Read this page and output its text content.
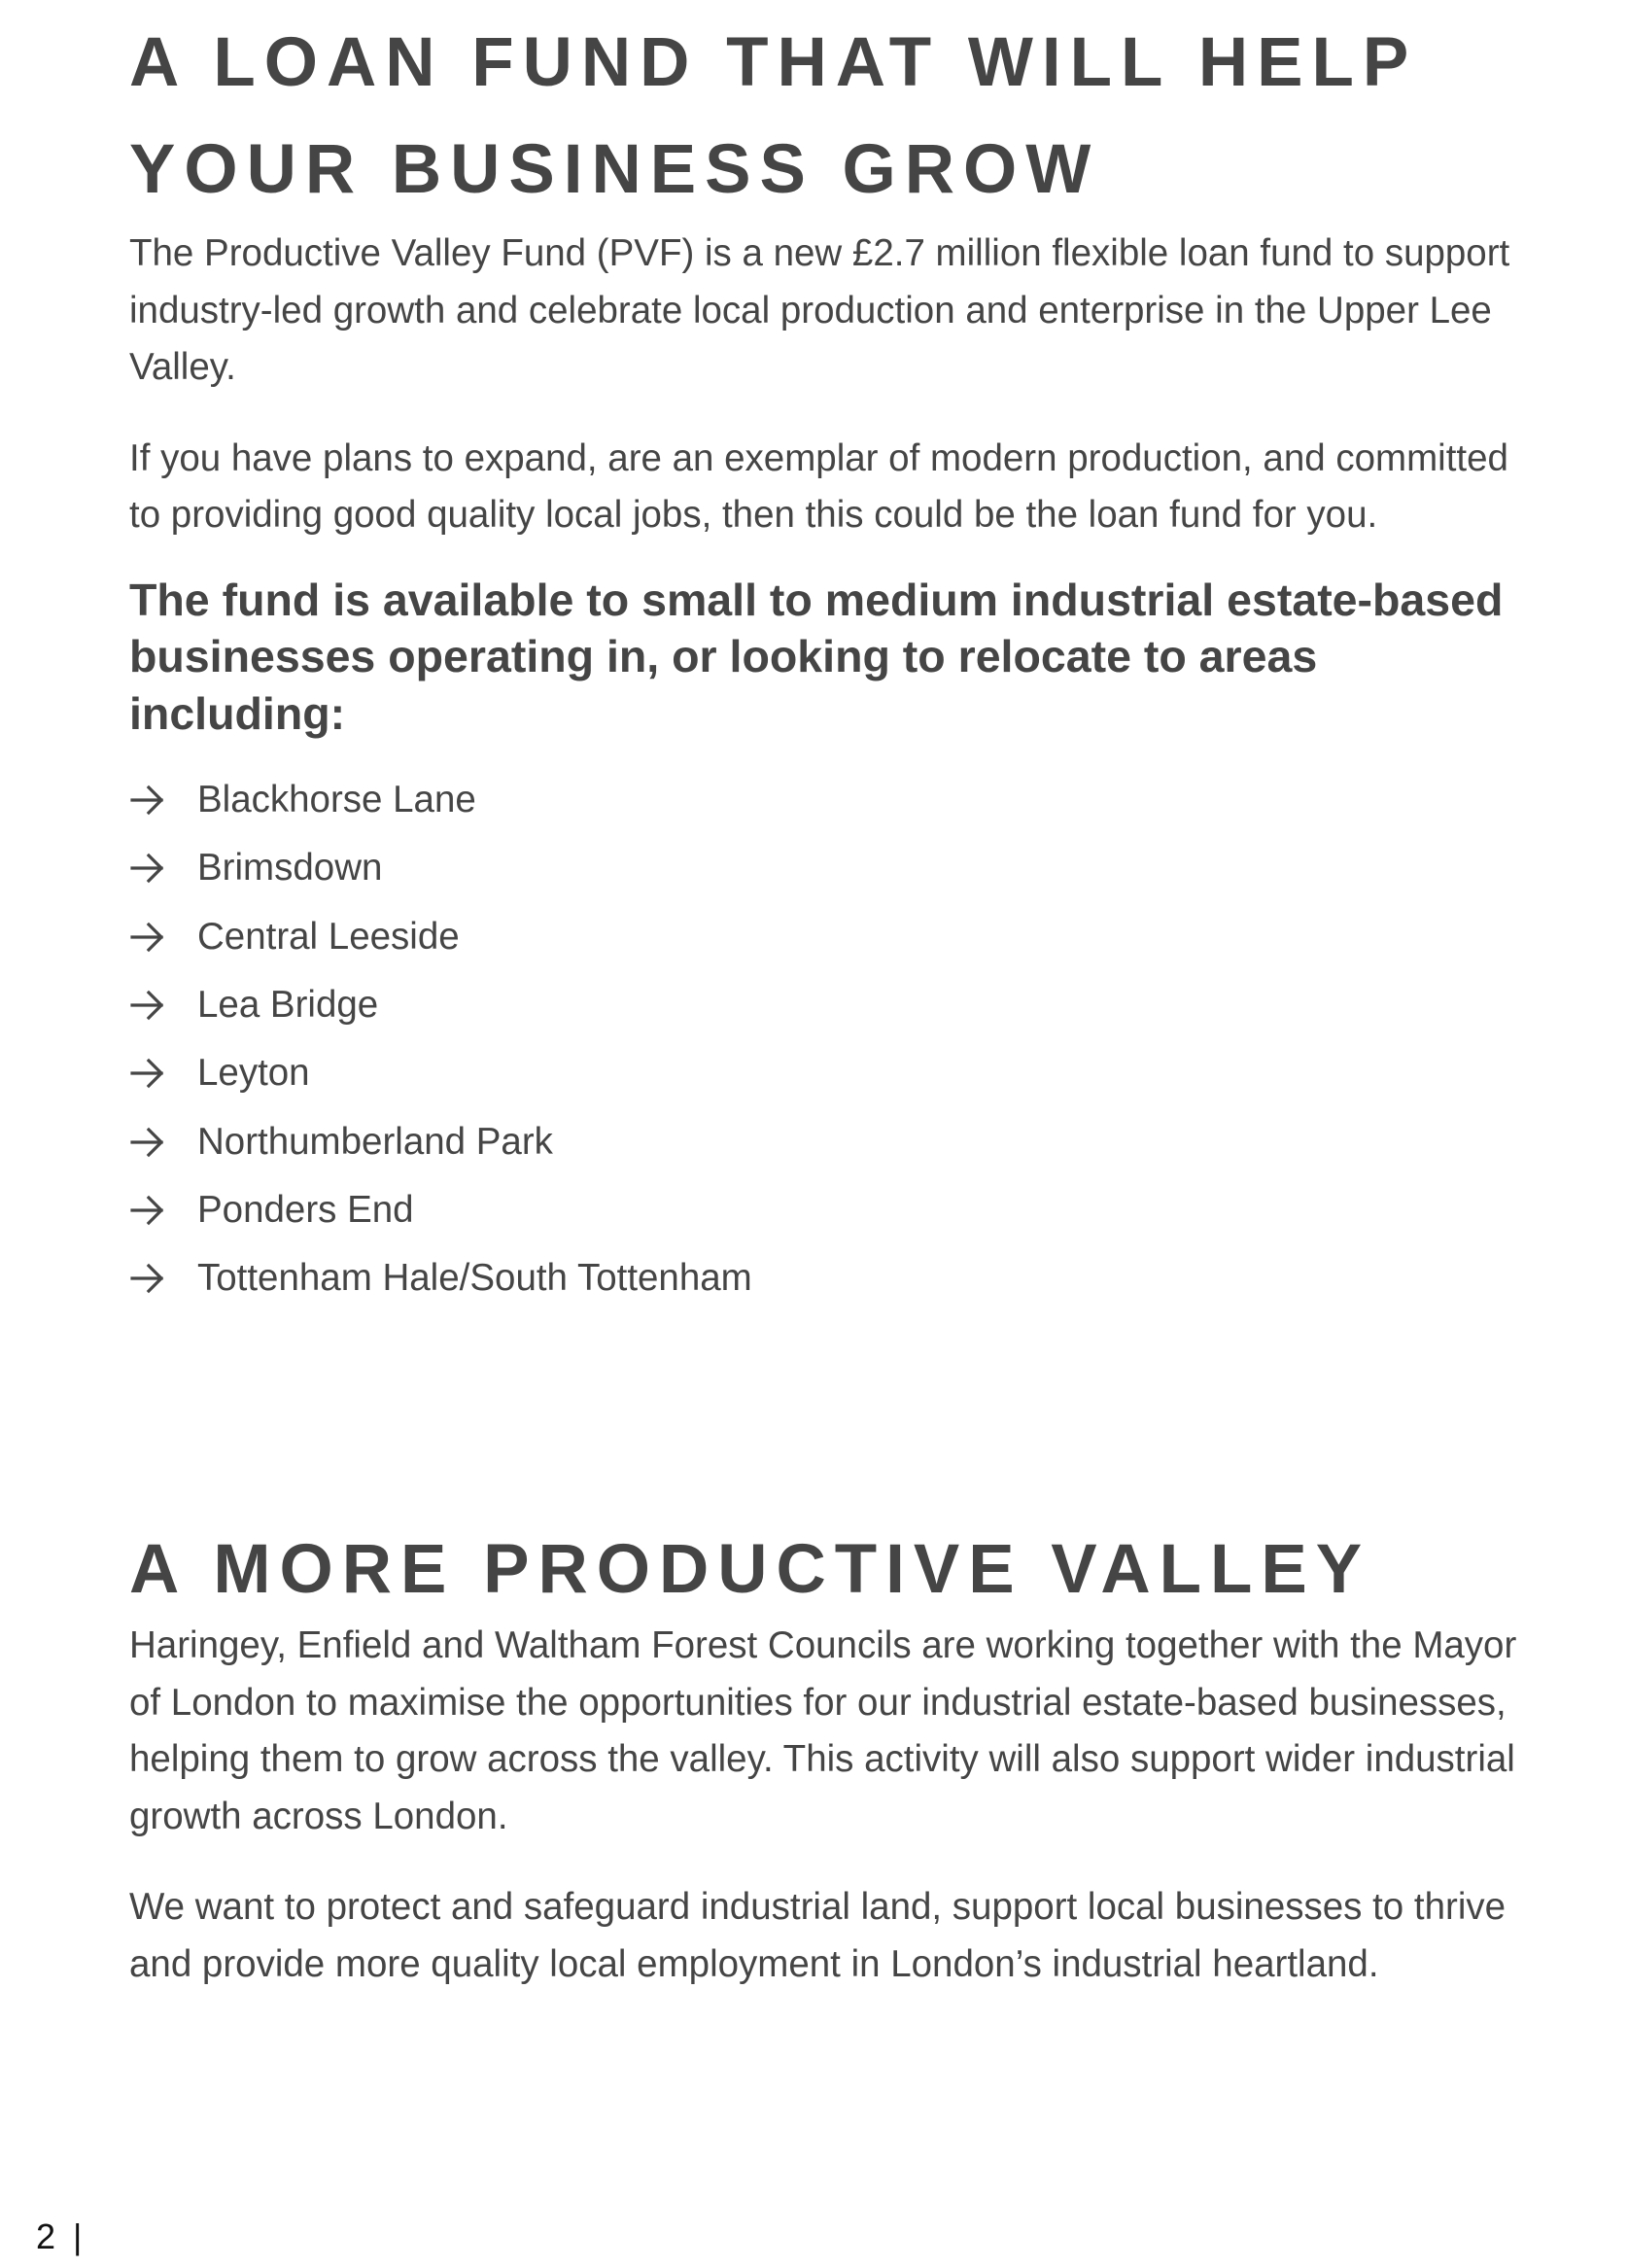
A LOAN FUND THAT WILL HELP
YOUR BUSINESS GROW

The Productive Valley Fund (PVF) is a new £2.7 million flexible loan fund to support industry-led growth and celebrate local production and enterprise in the Upper Lee Valley.

If you have plans to expand, are an exemplar of modern production, and committed to providing good quality local jobs, then this could be the loan fund for you.

The fund is available to small to medium industrial estate-based businesses operating in, or looking to relocate to areas including:
Blackhorse Lane
Brimsdown
Central Leeside
Lea Bridge
Leyton
Northumberland Park
Ponders End
Tottenham Hale/South Tottenham
A MORE PRODUCTIVE VALLEY

Haringey, Enfield and Waltham Forest Councils are working together with the Mayor of London to maximise the opportunities for our industrial estate-based businesses, helping them to grow across the valley. This activity will also support wider industrial growth across London.

We want to protect and safeguard industrial land, support local businesses to thrive and provide more quality local employment in London’s industrial heartland.

2 |
